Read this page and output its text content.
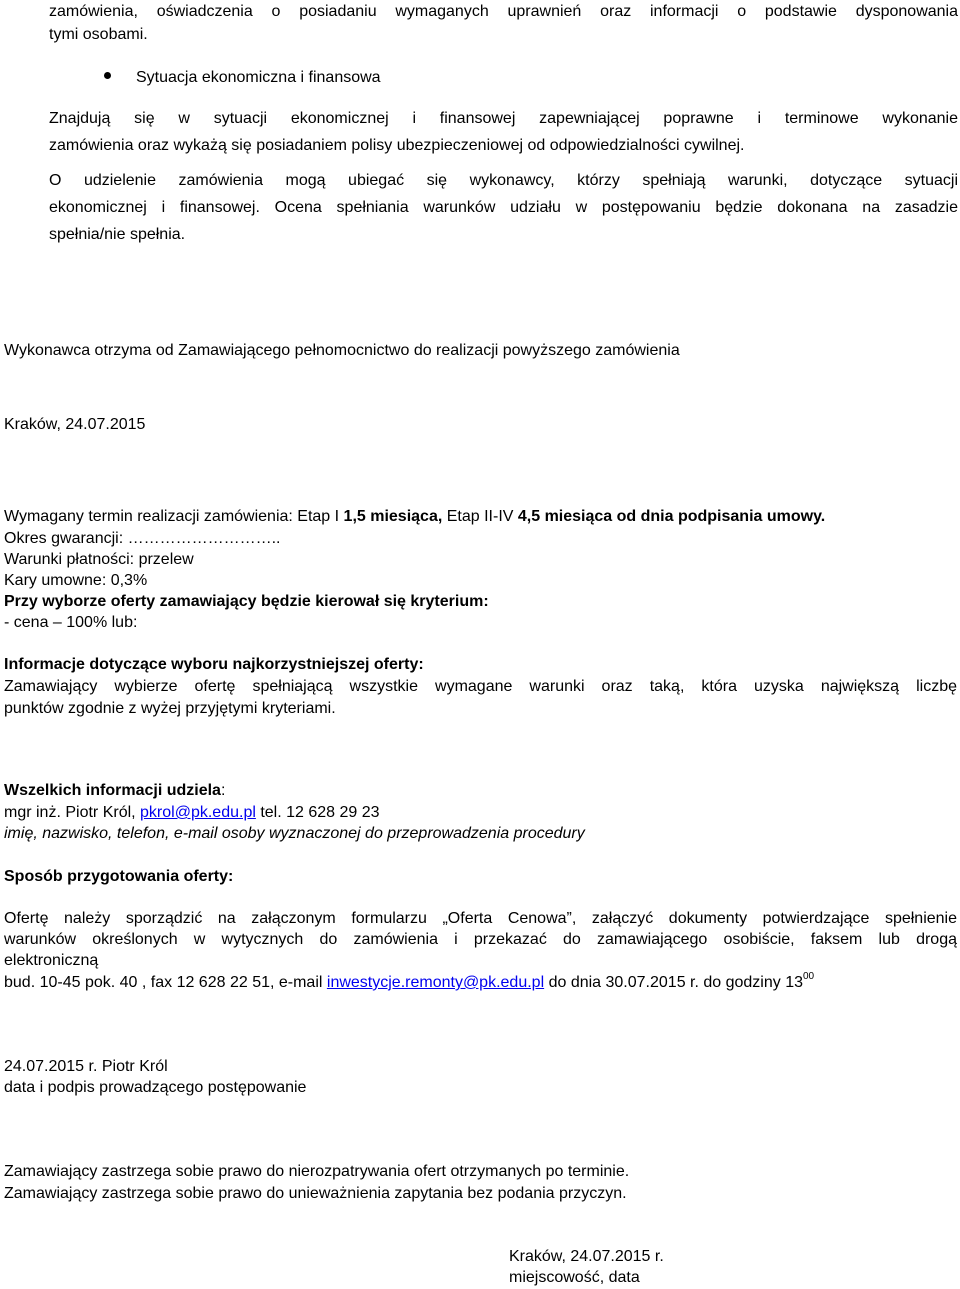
zamówienia, oświadczenia o posiadaniu wymaganych uprawnień oraz informacji o podstawie dysponowania
tymi osobami.
Sytuacja ekonomiczna i finansowa
Znajdują się w sytuacji ekonomicznej i finansowej zapewniającej poprawne i terminowe wykonanie
zamówienia oraz wykażą się posiadaniem polisy ubezpieczeniowej od odpowiedzialności cywilnej.
O udzielenie zamówienia mogą ubiegać się wykonawcy, którzy spełniają warunki, dotyczące sytuacji
ekonomicznej i finansowej. Ocena spełniania warunków udziału w postępowaniu będzie dokonana na zasadzie
spełnia/nie spełnia.
Wykonawca otrzyma od Zamawiającego pełnomocnictwo do realizacji powyższego zamówienia
Kraków, 24.07.2015
Wymagany termin realizacji zamówienia: Etap I 1,5 miesiąca, Etap II-IV 4,5 miesiąca od dnia podpisania umowy.
Okres gwarancji: ………………………..
Warunki płatności: przelew
Kary umowne: 0,3%
Przy wyborze oferty zamawiający będzie kierował się kryterium:
- cena – 100% lub:
Informacje dotyczące wyboru najkorzystniejszej oferty:
Zamawiający wybierze ofertę spełniającą wszystkie wymagane warunki oraz taką, która uzyska największą liczbę
punktów zgodnie z wyżej przyjętymi kryteriami.
Wszelkich informacji udziela:
mgr inż. Piotr Król, pkrol@pk.edu.pl tel. 12 628 29 23
imię, nazwisko, telefon, e-mail osoby wyznaczonej do przeprowadzenia procedury
Sposób przygotowania oferty:
Ofertę należy sporządzić na załączonym formularzu „Oferta Cenowa”, załączyć dokumenty potwierdzające spełnienie
warunków określonych w wytycznych do zamówienia i przekazać do zamawiającego osobiście, faksem lub drogą
elektroniczną
bud. 10-45 pok. 40 , fax 12 628 22 51, e-mail inwestycje.remonty@pk.edu.pl do dnia 30.07.2015 r. do godziny $13^{00}$
24.07.2015 r. Piotr Król
data i podpis prowadzącego postępowanie
Zamawiający zastrzega sobie prawo do nierozpatrywania ofert otrzymanych po terminie.
Zamawiający zastrzega sobie prawo do unieważnienia zapytania bez podania przyczyn.
Kraków, 24.07.2015 r.
miejscowość, data
